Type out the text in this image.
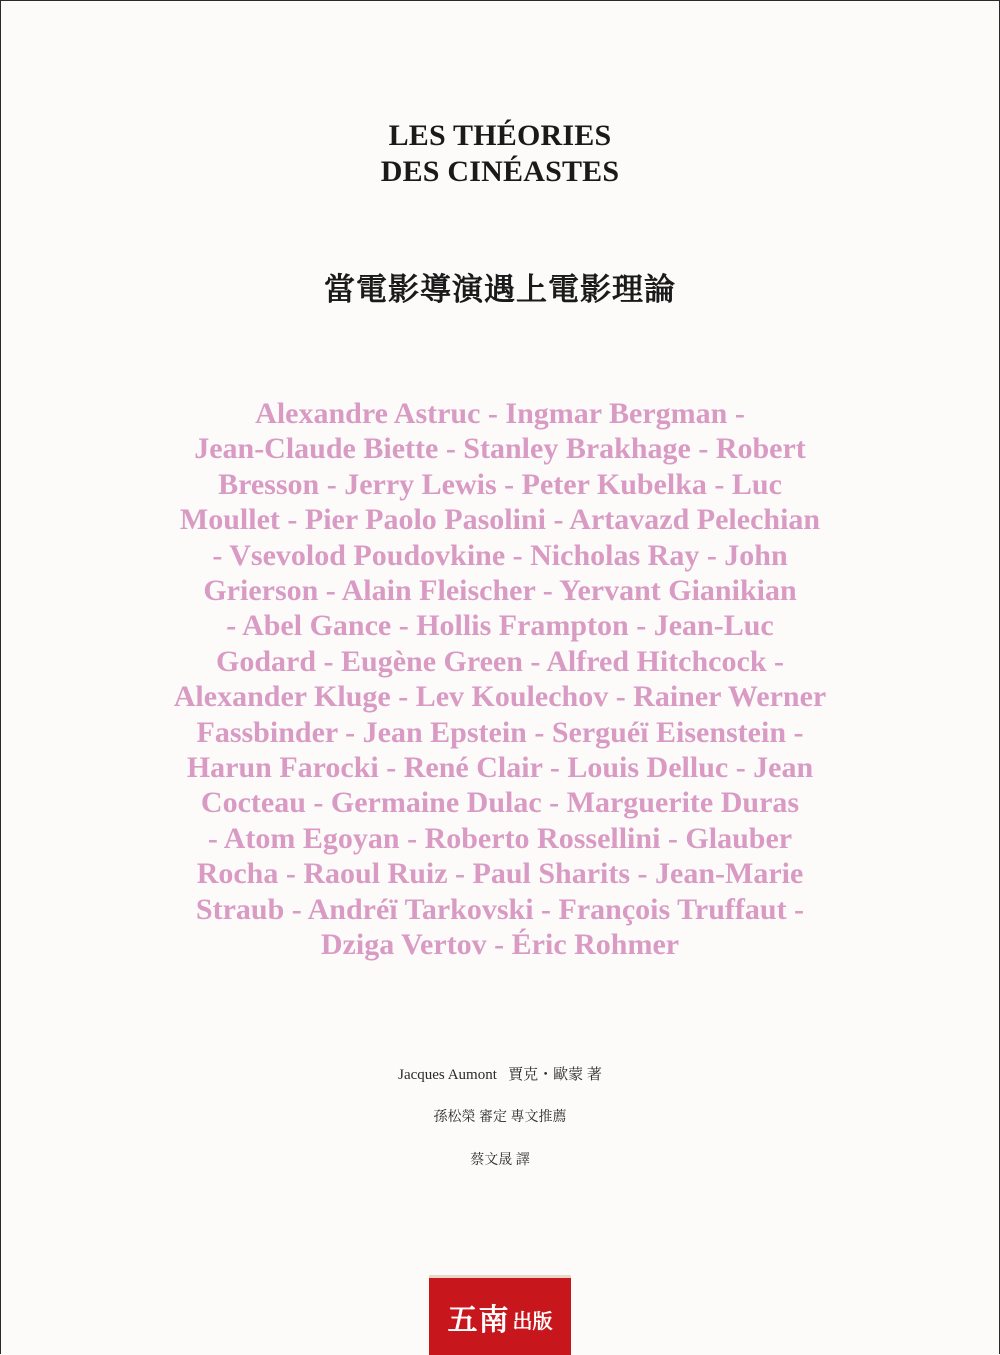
LES THÉORIES
DES CINÉASTES
當電影導演遇上電影理論
Alexandre Astruc - Ingmar Bergman -
Jean-Claude Biette - Stanley Brakhage - Robert
Bresson - Jerry Lewis - Peter Kubelka - Luc
Moullet - Pier Paolo Pasolini - Artavazd Pelechian
- Vsevolod Poudovkine - Nicholas Ray - John
Grierson - Alain Fleischer - Yervant Gianikian
- Abel Gance - Hollis Frampton - Jean-Luc
Godard - Eugène Green - Alfred Hitchcock -
Alexander Kluge - Lev Koulechov - Rainer Werner
Fassbinder - Jean Epstein - Serguéï Eisenstein -
Harun Farocki - René Clair - Louis Delluc - Jean
Cocteau - Germaine Dulac - Marguerite Duras
- Atom Egoyan - Roberto Rossellini - Glauber
Rocha - Raoul Ruiz - Paul Sharits - Jean-Marie
Straub - Andréï Tarkovski - François Truffaut -
Dziga Vertov - Éric Rohmer
Jacques Aumont   賈克・歐蒙 著
孫松榮 審定 專文推薦
蔡文晟 譯
五南 出版
